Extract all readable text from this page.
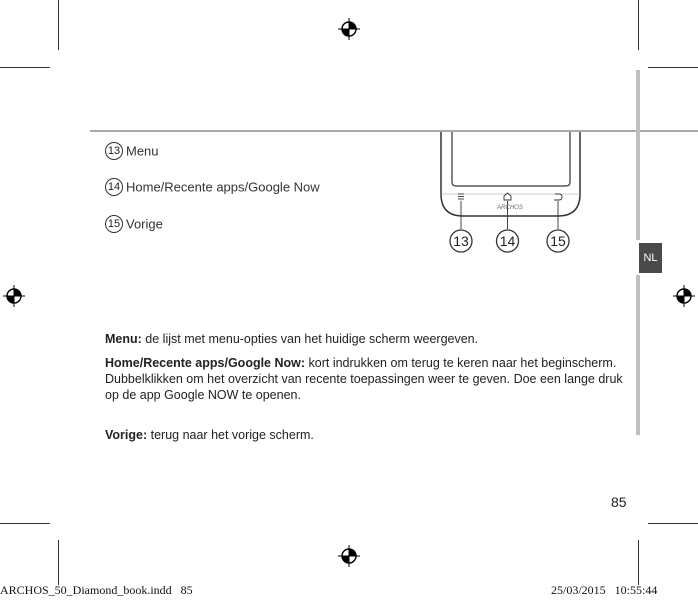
13 Menu
14 Home/Recente apps/Google Now
15 Vorige
ARCHOS
13 14 15
NL
Menu: de lijst met menu-opties van het huidige scherm weergeven.
Home/Recente apps/Google Now: kort indrukken om terug te keren naar het beginscherm. Dubbelklikken om het overzicht van recente toepassingen weer te geven. Doe een lange druk op de app Google NOW te openen.
Vorige: terug naar het vorige scherm.
85
ARCHOS_50_Diamond_book.indd   85	25/03/2015   10:55:44
